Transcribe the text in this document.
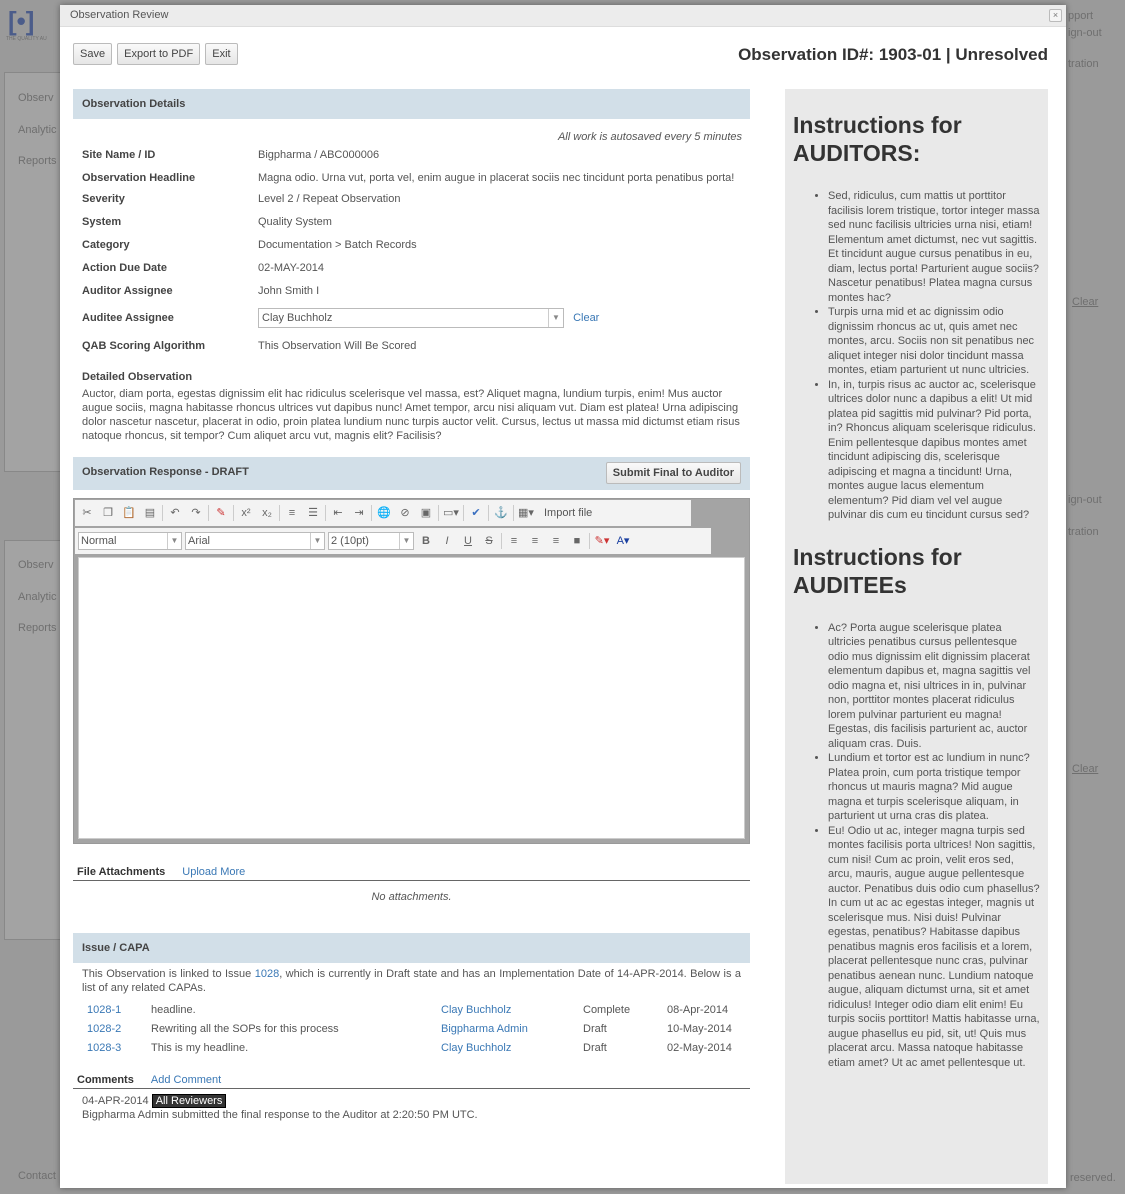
[•]
THE QUALITY AU
Observ
Analytic
Reports
Observ
Analytic
Reports
pport
ign-out
tration
Clear
ign-out
tration
Clear
Contact	reserved.
Observation Review	×
Save Export to PDF Exit	Observation ID#: 1903-01 | Unresolved
Observation Details
All work is autosaved every 5 minutes
Site Name / ID	Bigpharma / ABC000006
Observation Headline	Magna odio. Urna vut, porta vel, enim augue in placerat sociis nec tincidunt porta penatibus porta!
Severity	Level 2 / Repeat Observation
System	Quality System
Category	Documentation > Batch Records
Action Due Date	02-MAY-2014
Auditor Assignee	John Smith I
Auditee Assignee	Clay Buchholz	▼ Clear
QAB Scoring Algorithm	This Observation Will Be Scored
Detailed Observation
Auctor, diam porta, egestas dignissim elit hac ridiculus scelerisque vel massa, est? Aliquet magna, lundium turpis, enim! Mus auctor augue sociis, magna habitasse rhoncus ultrices vut dapibus nunc! Amet tempor, arcu nisi aliquam vut. Diam est platea! Urna adipiscing dolor nascetur nascetur, placerat in odio, proin platea lundium nunc turpis auctor velit. Cursus, lectus ut massa mid dictumst etiam risus natoque rhoncus, sit tempor? Cum aliquet arcu vut, magnis elit? Facilisis?
Observation Response - DRAFT	Submit Final to Auditor
✂	❐ 📋 ▤	↶	↷	✎	x²	x₂	≡	☰	⇤	⇥	🌐 ⊘	▣	▭▾	✔	⚓ ▦▾ Import file
Normal	▼ Arial	▼ 2 (10pt)	▼	B	I	U	S	≡	≡	≡	■	✎▾ A▾
File Attachments Upload More
No attachments.
Issue / CAPA
This Observation is linked to Issue 1028, which is currently in Draft state and has an Implementation Date of 14-APR-2014. Below is a list of any related CAPAs.
1028-1	headline.	Clay Buchholz	Complete	08-Apr-2014
1028-2	Rewriting all the SOPs for this process	Bigpharma Admin	Draft	10-May-2014
1028-3	This is my headline.	Clay Buchholz	Draft	02-May-2014
Comments Add Comment
04-APR-2014 All Reviewers
Bigpharma Admin submitted the final response to the Auditor at 2:20:50 PM UTC.
Instructions for AUDITORS:
• Sed, ridiculus, cum mattis ut porttitor facilisis lorem tristique, tortor integer massa sed nunc facilisis ultricies urna nisi, etiam! Elementum amet dictumst, nec vut sagittis. Et tincidunt augue cursus penatibus in eu, diam, lectus porta! Parturient augue sociis? Nascetur penatibus! Platea magna cursus montes hac?
• Turpis urna mid et ac dignissim odio dignissim rhoncus ac ut, quis amet nec montes, arcu. Sociis non sit penatibus nec aliquet integer nisi dolor tincidunt massa montes, etiam parturient ut nunc ultricies.
• In, in, turpis risus ac auctor ac, scelerisque ultrices dolor nunc a dapibus a elit! Ut mid platea pid sagittis mid pulvinar? Pid porta, in? Rhoncus aliquam scelerisque ridiculus. Enim pellentesque dapibus montes amet tincidunt adipiscing dis, scelerisque adipiscing et magna a tincidunt! Urna, montes augue lacus elementum elementum? Pid diam vel vel augue pulvinar dis cum eu tincidunt cursus sed?
Instructions for AUDITEEs
• Ac? Porta augue scelerisque platea ultricies penatibus cursus pellentesque odio mus dignissim elit dignissim placerat elementum dapibus et, magna sagittis vel odio magna et, nisi ultrices in in, pulvinar non, porttitor montes placerat ridiculus lorem pulvinar parturient eu magna! Egestas, dis facilisis parturient ac, auctor aliquam cras. Duis.
• Lundium et tortor est ac lundium in nunc? Platea proin, cum porta tristique tempor rhoncus ut mauris magna? Mid augue magna et turpis scelerisque aliquam, in parturient ut urna cras dis platea.
• Eu! Odio ut ac, integer magna turpis sed montes facilisis porta ultrices! Non sagittis, cum nisi! Cum ac proin, velit eros sed, arcu, mauris, augue augue pellentesque auctor. Penatibus duis odio cum phasellus? In cum ut ac ac egestas integer, magnis ut scelerisque mus. Nisi duis! Pulvinar egestas, penatibus? Habitasse dapibus penatibus magnis eros facilisis et a lorem, placerat pellentesque nunc cras, pulvinar penatibus aenean nunc. Lundium natoque augue, aliquam dictumst urna, sit et amet ridiculus! Integer odio diam elit enim! Eu turpis sociis porttitor! Mattis habitasse urna, augue phasellus eu pid, sit, ut! Quis mus placerat arcu. Massa natoque habitasse etiam amet? Ut ac amet pellentesque ut.
